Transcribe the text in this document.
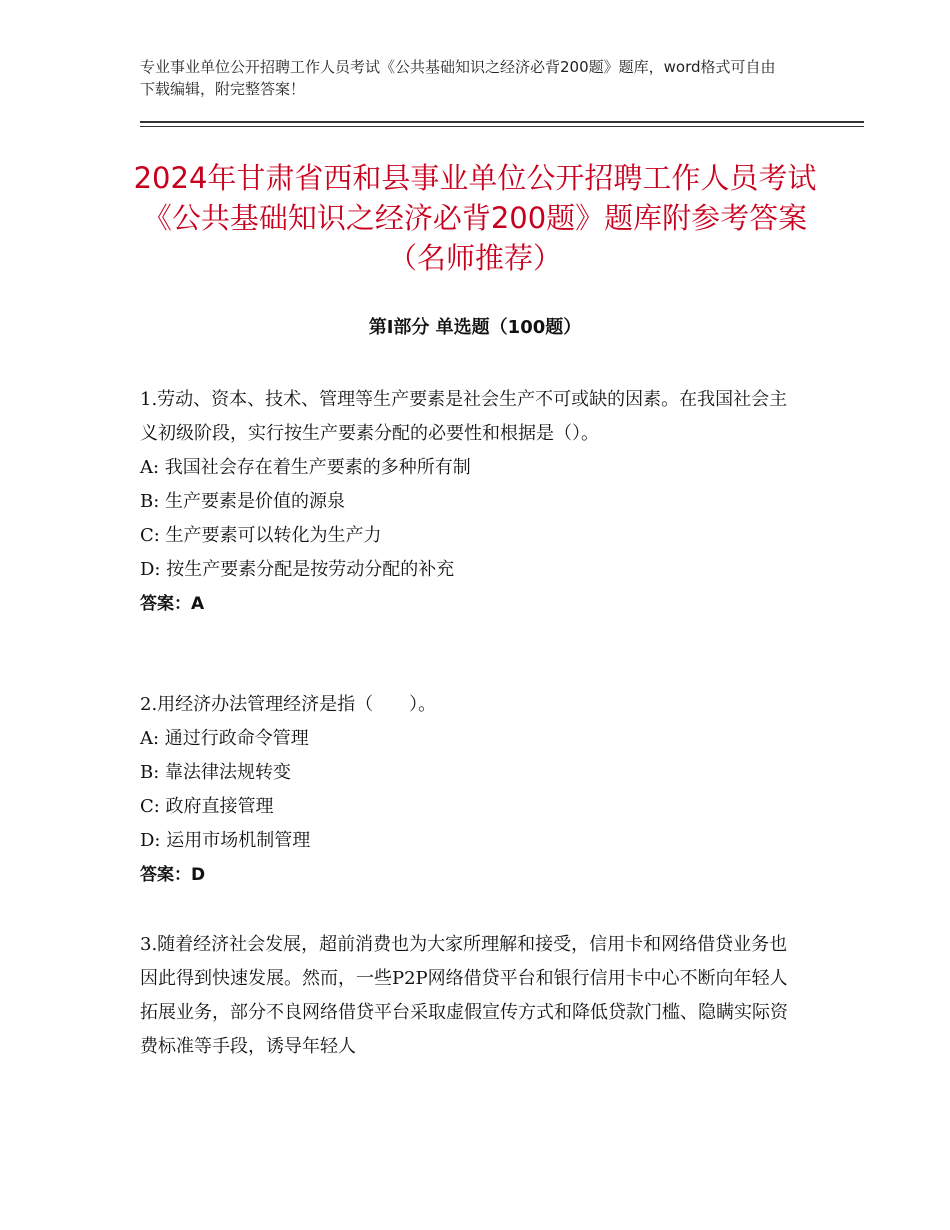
专业事业单位公开招聘工作人员考试《公共基础知识之经济必背200题》题库，word格式可自由下载编辑，附完整答案！
2024年甘肃省西和县事业单位公开招聘工作人员考试《公共基础知识之经济必背200题》题库附参考答案（名师推荐）
第Ⅰ部分 单选题（100题）
1.劳动、资本、技术、管理等生产要素是社会生产不可或缺的因素。在我国社会主义初级阶段，实行按生产要素分配的必要性和根据是（）。
A: 我国社会存在着生产要素的多种所有制
B: 生产要素是价值的源泉
C: 生产要素可以转化为生产力
D: 按生产要素分配是按劳动分配的补充
答案：A
2.用经济办法管理经济是指（　　）。
A: 通过行政命令管理
B: 靠法律法规转变
C: 政府直接管理
D: 运用市场机制管理
答案：D
3.随着经济社会发展，超前消费也为大家所理解和接受，信用卡和网络借贷业务也因此得到快速发展。然而，一些P2P网络借贷平台和银行信用卡中心不断向年轻人拓展业务，部分不良网络借贷平台采取虚假宣传方式和降低贷款门槛、隐瞒实际资费标准等手段，诱导年轻人
